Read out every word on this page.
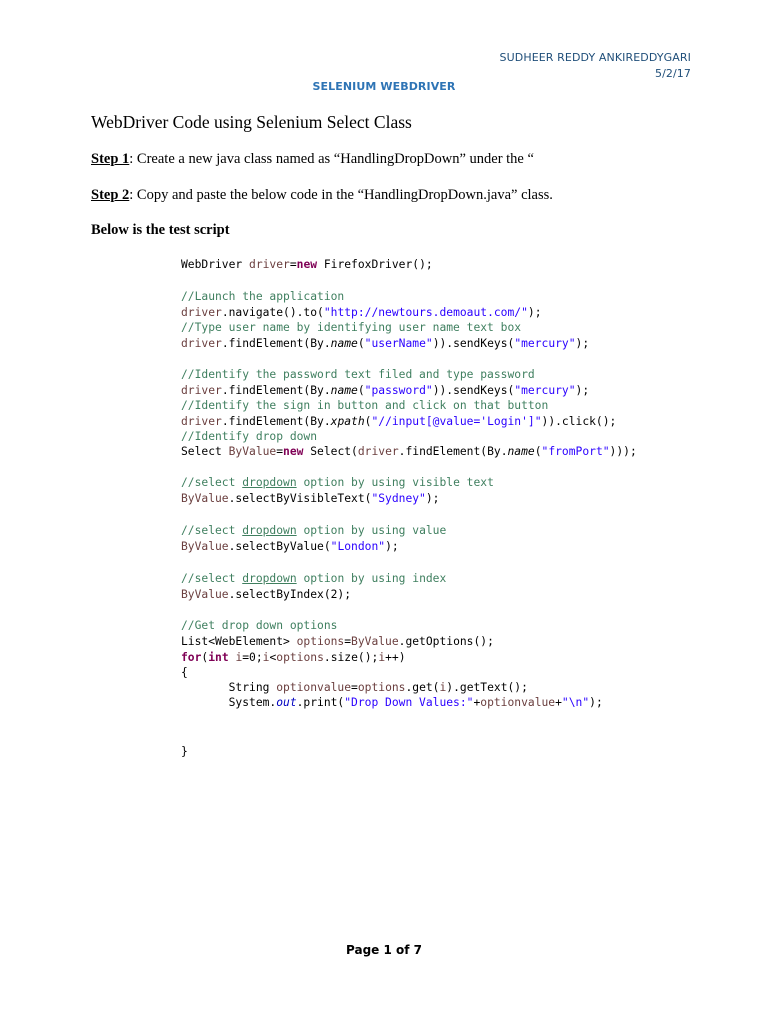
SUDHEER REDDY ANKIREDDYGARI
5/2/17
SELENIUM WEBDRIVER
WebDriver Code using Selenium Select Class
Step 1: Create a new java class named as “HandlingDropDown” under the “
Step 2: Copy and paste the below code in the “HandlingDropDown.java” class.
Below is the test script
WebDriver driver=new FirefoxDriver();
//Launch the application
driver.navigate().to("http://newtours.demoaut.com/");
//Type user name by identifying user name text box
driver.findElement(By.name("userName")).sendKeys("mercury");
//Identify the password text filed and type password
driver.findElement(By.name("password")).sendKeys("mercury");
//Identify the sign in button and click on that button
driver.findElement(By.xpath("//input[@value='Login']")).click();
//Identify drop down
Select ByValue=new Select(driver.findElement(By.name("fromPort")));
//select dropdown option by using visible text
ByValue.selectByVisibleText("Sydney");
//select dropdown option by using value
ByValue.selectByValue("London");
//select dropdown option by using index
ByValue.selectByIndex(2);
//Get drop down options
List<WebElement> options=ByValue.getOptions();
for(int i=0;i<options.size();i++)
{
String optionvalue=options.get(i).getText();
System.out.print("Drop Down Values:"+optionvalue+"\n");
}
Page 1 of 7
